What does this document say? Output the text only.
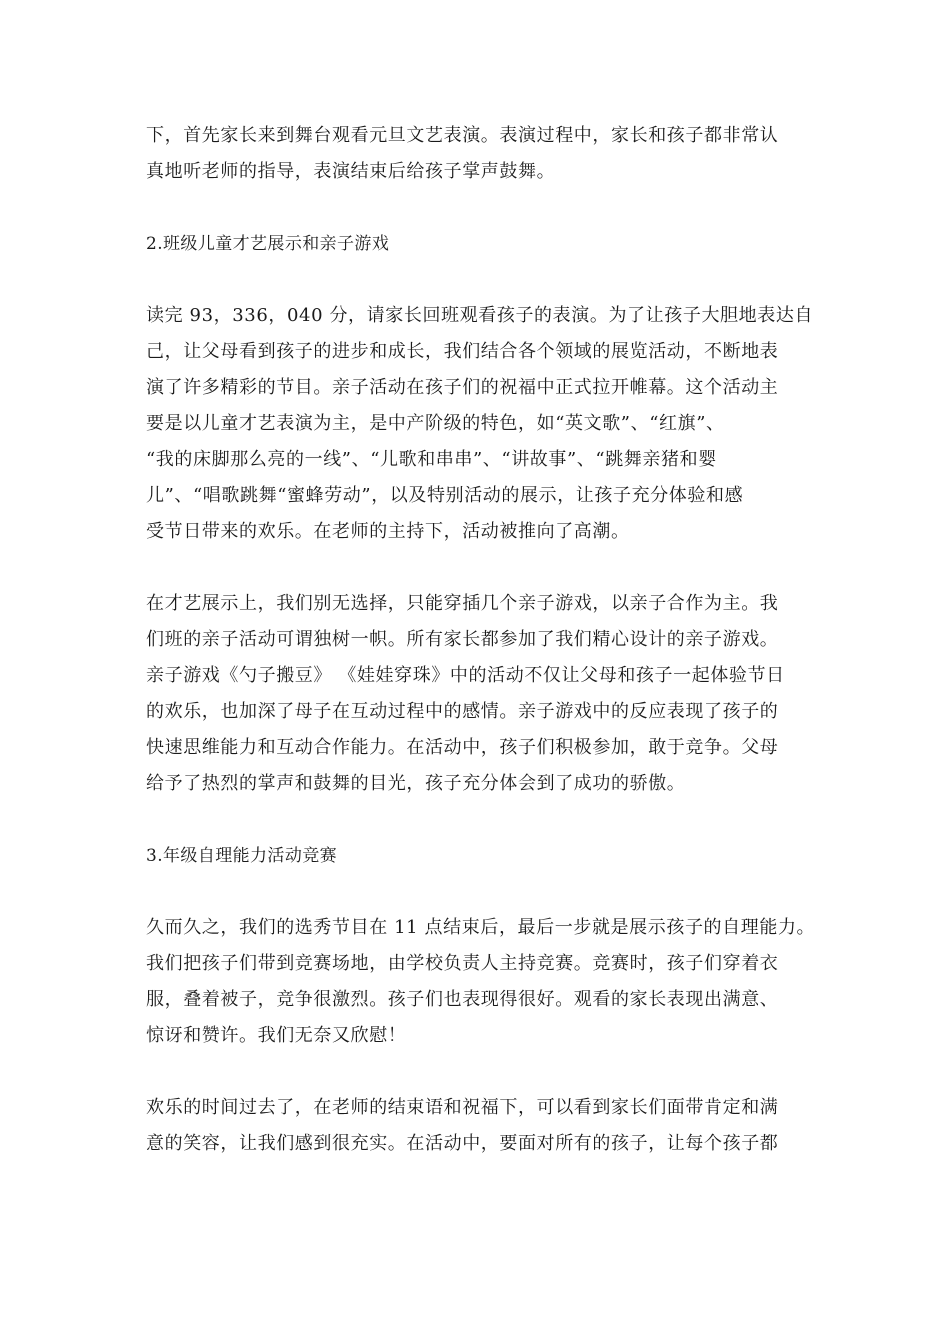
下，首先家长来到舞台观看元旦文艺表演。表演过程中，家长和孩子都非常认
真地听老师的指导，表演结束后给孩子掌声鼓舞。
2.班级儿童才艺展示和亲子游戏
读完 93，336，040 分，请家长回班观看孩子的表演。为了让孩子大胆地表达自
己，让父母看到孩子的进步和成长，我们结合各个领域的展览活动，不断地表
演了许多精彩的节目。亲子活动在孩子们的祝福中正式拉开帷幕。这个活动主
要是以儿童才艺表演为主，是中产阶级的特色，如“英文歌”、“红旗”、
“我的床脚那么亮的一线”、“儿歌和串串”、“讲故事”、“跳舞亲猪和婴
儿”、“唱歌跳舞“蜜蜂劳动”，以及特别活动的展示，让孩子充分体验和感
受节日带来的欢乐。在老师的主持下，活动被推向了高潮。
在才艺展示上，我们别无选择，只能穿插几个亲子游戏，以亲子合作为主。我
们班的亲子活动可谓独树一帜。所有家长都参加了我们精心设计的亲子游戏。
亲子游戏《勺子搬豆》 《娃娃穿珠》中的活动不仅让父母和孩子一起体验节日
的欢乐，也加深了母子在互动过程中的感情。亲子游戏中的反应表现了孩子的
快速思维能力和互动合作能力。在活动中，孩子们积极参加，敢于竞争。父母
给予了热烈的掌声和鼓舞的目光，孩子充分体会到了成功的骄傲。
3.年级自理能力活动竞赛
久而久之，我们的选秀节目在 11 点结束后，最后一步就是展示孩子的自理能力。
我们把孩子们带到竞赛场地，由学校负责人主持竞赛。竞赛时，孩子们穿着衣
服，叠着被子，竞争很激烈。孩子们也表现得很好。观看的家长表现出满意、
惊讶和赞许。我们无奈又欣慰！
欢乐的时间过去了，在老师的结束语和祝福下，可以看到家长们面带肯定和满
意的笑容，让我们感到很充实。在活动中，要面对所有的孩子，让每个孩子都
